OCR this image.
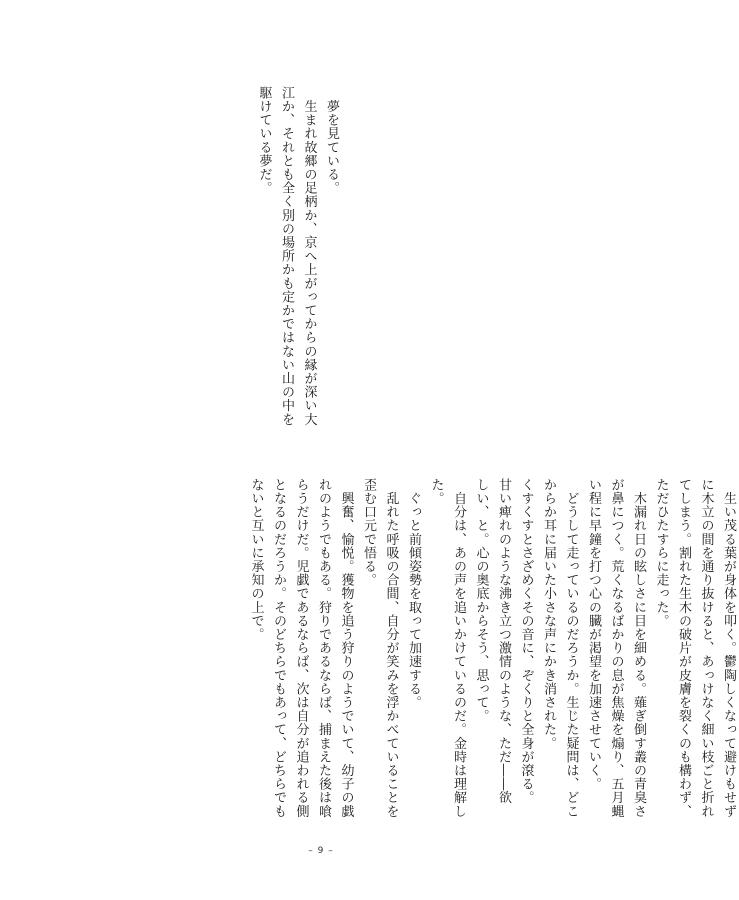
　夢を見ている。
　生まれ故郷の足柄か、京へ上がってからの縁が深い大
江か、それとも全く別の場所かも定かではない山の中を
駆けている夢だ。
　生い茂る葉が身体を叩く。鬱陶しくなって避けもせず
に木立の間を通り抜けると、あっけなく細い枝ごと折れ
てしまう。割れた生木の破片が皮膚を裂くのも構わず、
ただひたすらに走った。
　木漏れ日の眩しさに目を細める。薙ぎ倒す叢の青臭さ
が鼻につく。荒くなるばかりの息が焦燥を煽り、五月蝿
い程に早鐘を打つ心の臓が渇望を加速させていく。
　どうして走っているのだろうか。生じた疑問は、どこ
からか耳に届いた小さな声にかき消された。
くすくすとさざめくその音に、ぞくりと全身が滾る。
甘い痺れのような沸き立つ激情のような、ただ――欲
しい、と。心の奥底からそう、思って。
　自分は、あの声を追いかけているのだ。金時は理解し
た。
　ぐっと前傾姿勢を取って加速する。
　乱れた呼吸の合間、自分が笑みを浮かべていることを
歪む口元で悟る。
　興奮、愉悦。獲物を追う狩りのようでいて、幼子の戯
れのようでもある。狩りであるならば、捕まえた後は喰
らうだけだ。児戯であるならば、次は自分が追われる側
となるのだろうか。そのどちらでもあって、どちらでも
ないと互いに承知の上で。
– 9 –
